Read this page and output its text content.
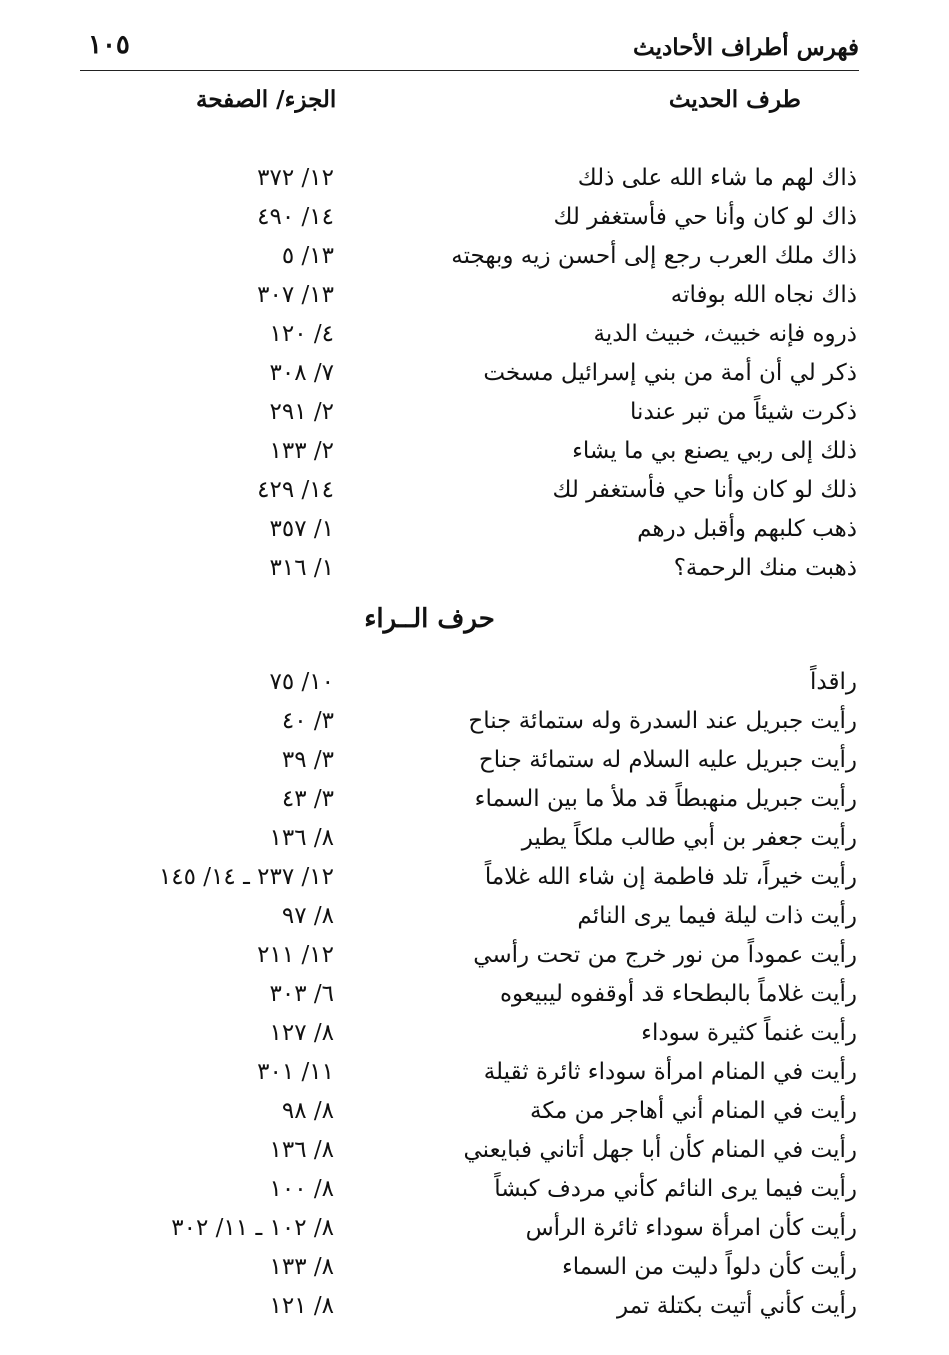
فهرس أطراف الأحاديث
١٠٥
طرف الحديث
الجزء/ الصفحة
ذاك لهم ما شاء الله على ذلك
١٢/ ٣٧٢
ذاك لو كان وأنا حي فأستغفر لك
١٤/ ٤٩٠
ذاك ملك العرب رجع إلى أحسن زيه وبهجته
١٣/ ٥
ذاك نجاه الله بوفاته
١٣/ ٣٠٧
ذروه فإنه خبيث، خبيث الدية
٤/ ١٢٠
ذكر لي أن أمة من بني إسرائيل مسخت
٧/ ٣٠٨
ذكرت شيئاً من تبر عندنا
٢/ ٢٩١
ذلك إلى ربي يصنع بي ما يشاء
٢/ ١٣٣
ذلك لو كان وأنا حي فأستغفر لك
١٤/ ٤٢٩
ذهب كلبهم وأقبل درهم
١/ ٣٥٧
ذهبت منك الرحمة؟
١/ ٣١٦
حرف الــراء
راقداً
١٠/ ٧٥
رأيت جبريل عند السدرة وله ستمائة جناح
٣/ ٤٠
رأيت جبريل عليه السلام له ستمائة جناح
٣/ ٣٩
رأيت جبريل منهبطاً قد ملأ ما بين السماء
٣/ ٤٣
رأيت جعفر بن أبي طالب ملكاً يطير
٨/ ١٣٦
رأيت خيراً، تلد فاطمة إن شاء الله غلاماً
١٢/ ٢٣٧ ـ ١٤/ ١٤٥
رأيت ذات ليلة فيما يرى النائم
٨/ ٩٧
رأيت عموداً من نور خرج من تحت رأسي
١٢/ ٢١١
رأيت غلاماً بالبطحاء قد أوقفوه ليبيعوه
٦/ ٣٠٣
رأيت غنماً كثيرة سوداء
٨/ ١٢٧
رأيت في المنام امرأة سوداء ثائرة ثقيلة
١١/ ٣٠١
رأيت في المنام أني أهاجر من مكة
٨/ ٩٨
رأيت في المنام كأن أبا جهل أتاني فبايعني
٨/ ١٣٦
رأيت فيما يرى النائم كأني مردف كبشاً
٨/ ١٠٠
رأيت كأن امرأة سوداء ثائرة الرأس
٨/ ١٠٢ ـ ١١/ ٣٠٢
رأيت كأن دلواً دليت من السماء
٨/ ١٣٣
رأيت كأني أتيت بكتلة تمر
٨/ ١٢١
